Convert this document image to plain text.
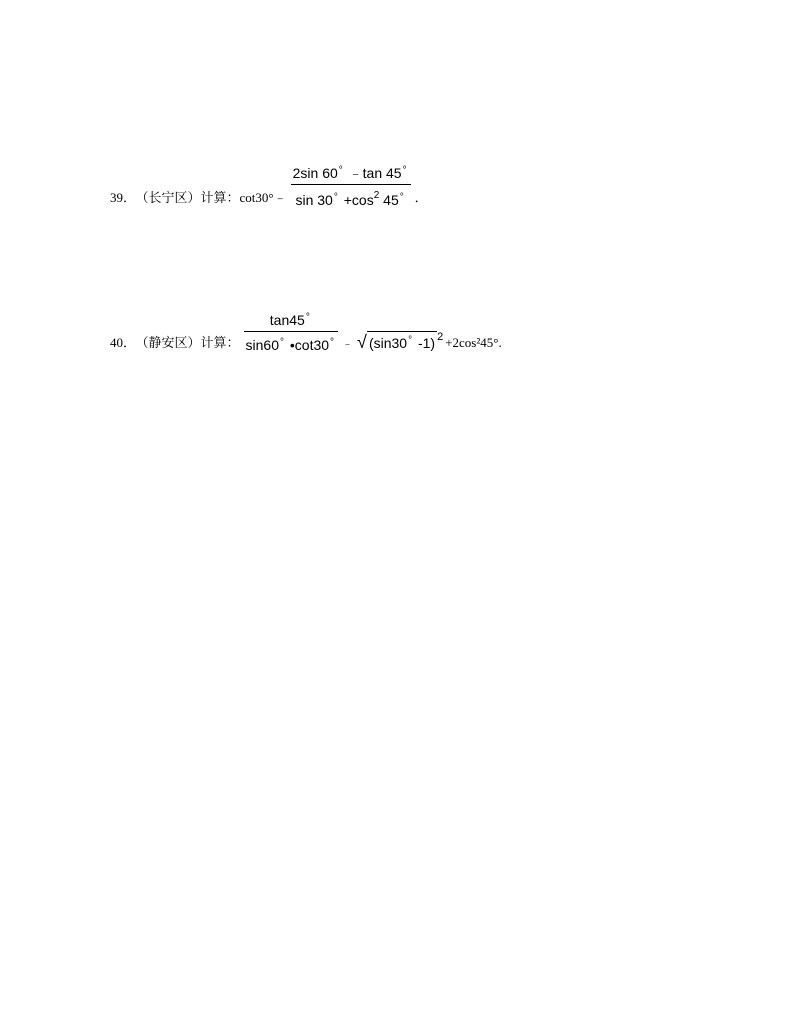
39． （长宁区）计算：cot30°﹣ $\frac{2\sin 60^\circ ﹣\tan 45^\circ}{\sin 30^\circ +\cos^2 45^\circ}$ ．
40． （静安区）计算： $\frac{\tan 45^\circ}{\sin 60^\circ •\cot 30^\circ}$ ﹣ √ (sin30° -1) 2 +2cos²45°.
